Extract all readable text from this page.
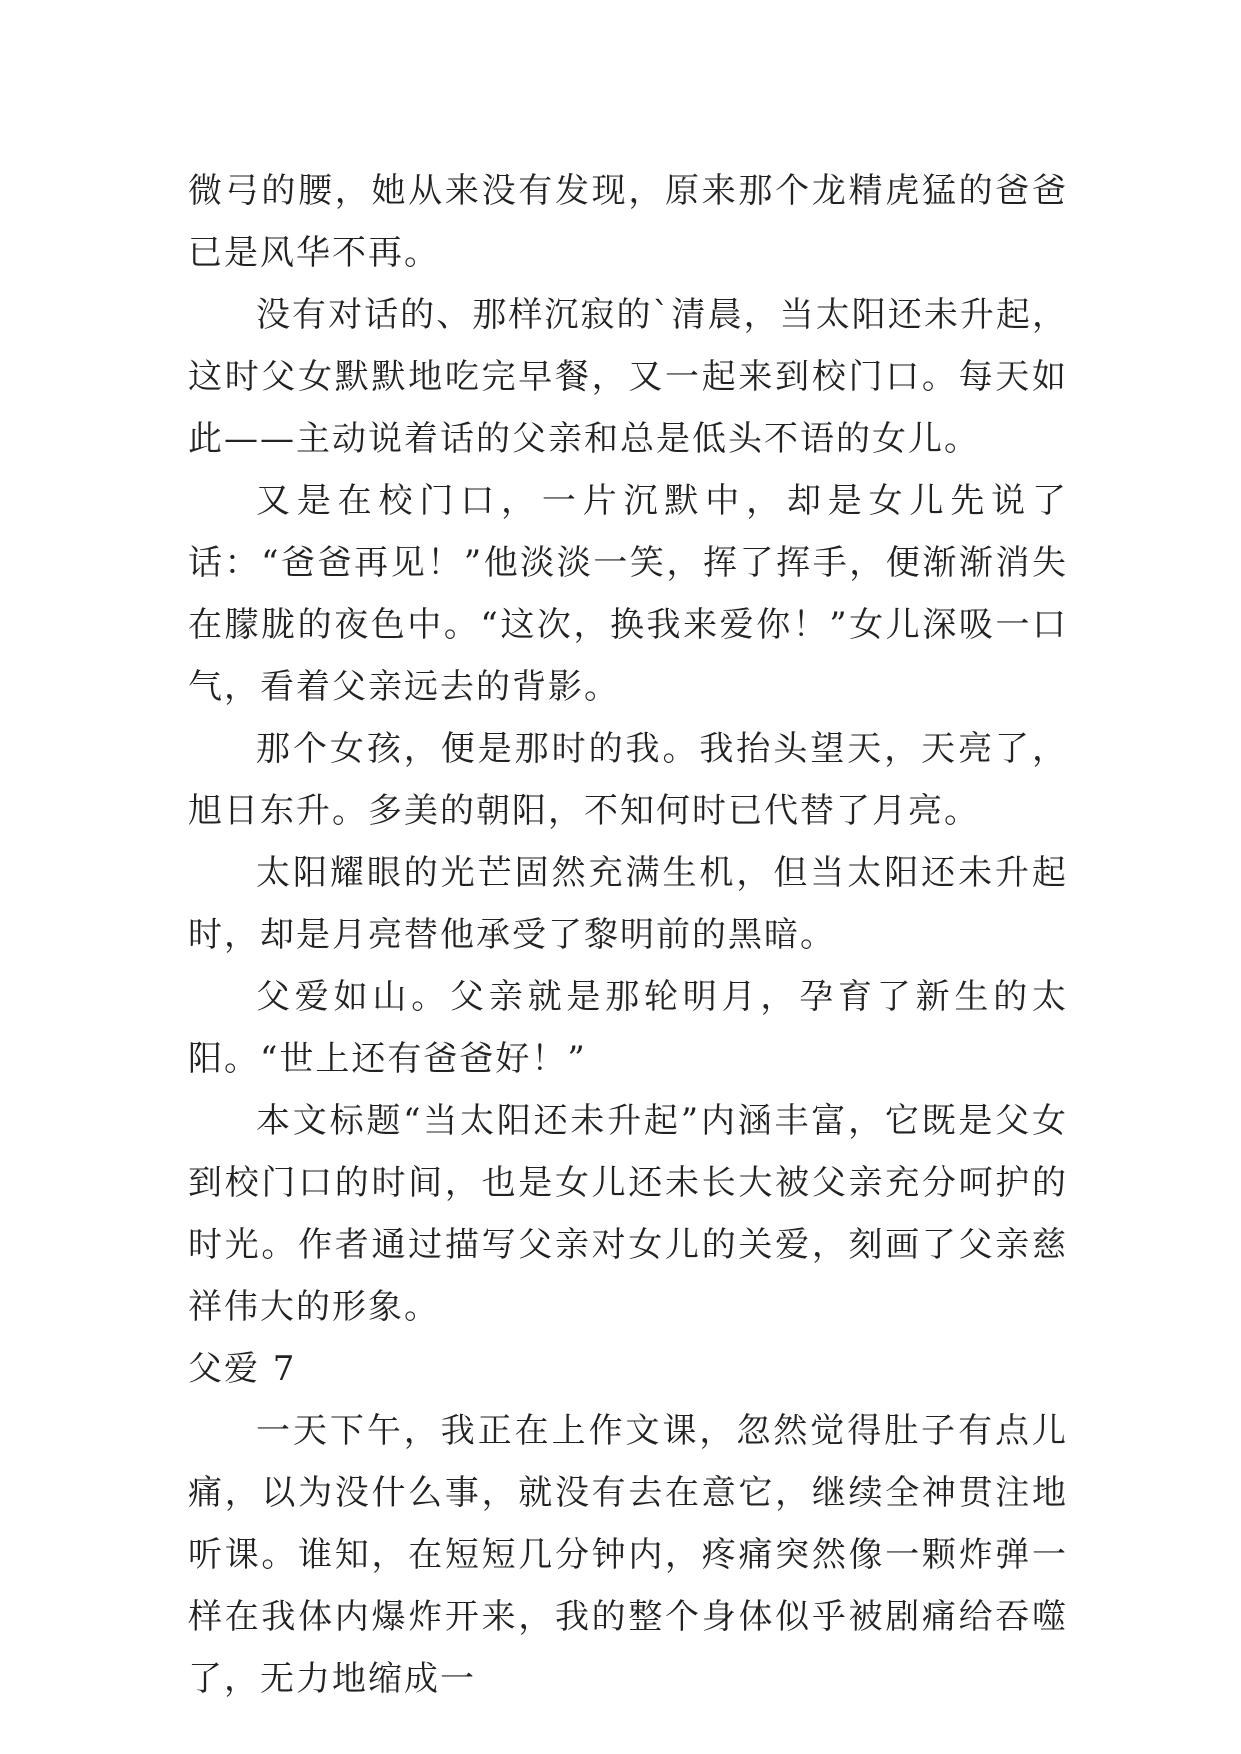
微弓的腰，她从来没有发现，原来那个龙精虎猛的爸爸已是风华不再。

没有对话的、那样沉寂的`清晨，当太阳还未升起，这时父女默默地吃完早餐，又一起来到校门口。每天如此——主动说着话的父亲和总是低头不语的女儿。

又是在校门口，一片沉默中，却是女儿先说了话：“爸爸再见！”他淡淡一笑，挥了挥手，便渐渐消失在朦胧的夜色中。“这次，换我来爱你！”女儿深吸一口气，看着父亲远去的背影。

那个女孩，便是那时的我。我抬头望天，天亮了，旭日东升。多美的朝阳，不知何时已代替了月亮。

太阳耀眼的光芒固然充满生机，但当太阳还未升起时，却是月亮替他承受了黎明前的黑暗。

父爱如山。父亲就是那轮明月，孕育了新生的太阳。“世上还有爸爸好！”

本文标题“当太阳还未升起”内涵丰富，它既是父女到校门口的时间，也是女儿还未长大被父亲充分呵护的时光。作者通过描写父亲对女儿的关爱，刻画了父亲慈祥伟大的形象。

父爱 7

一天下午，我正在上作文课，忽然觉得肚子有点儿痛，以为没什么事，就没有去在意它，继续全神贯注地听课。谁知，在短短几分钟内，疼痛突然像一颗炸弹一样在我体内爆炸开来，我的整个身体似乎被剧痛给吞噬了，无力地缩成一
